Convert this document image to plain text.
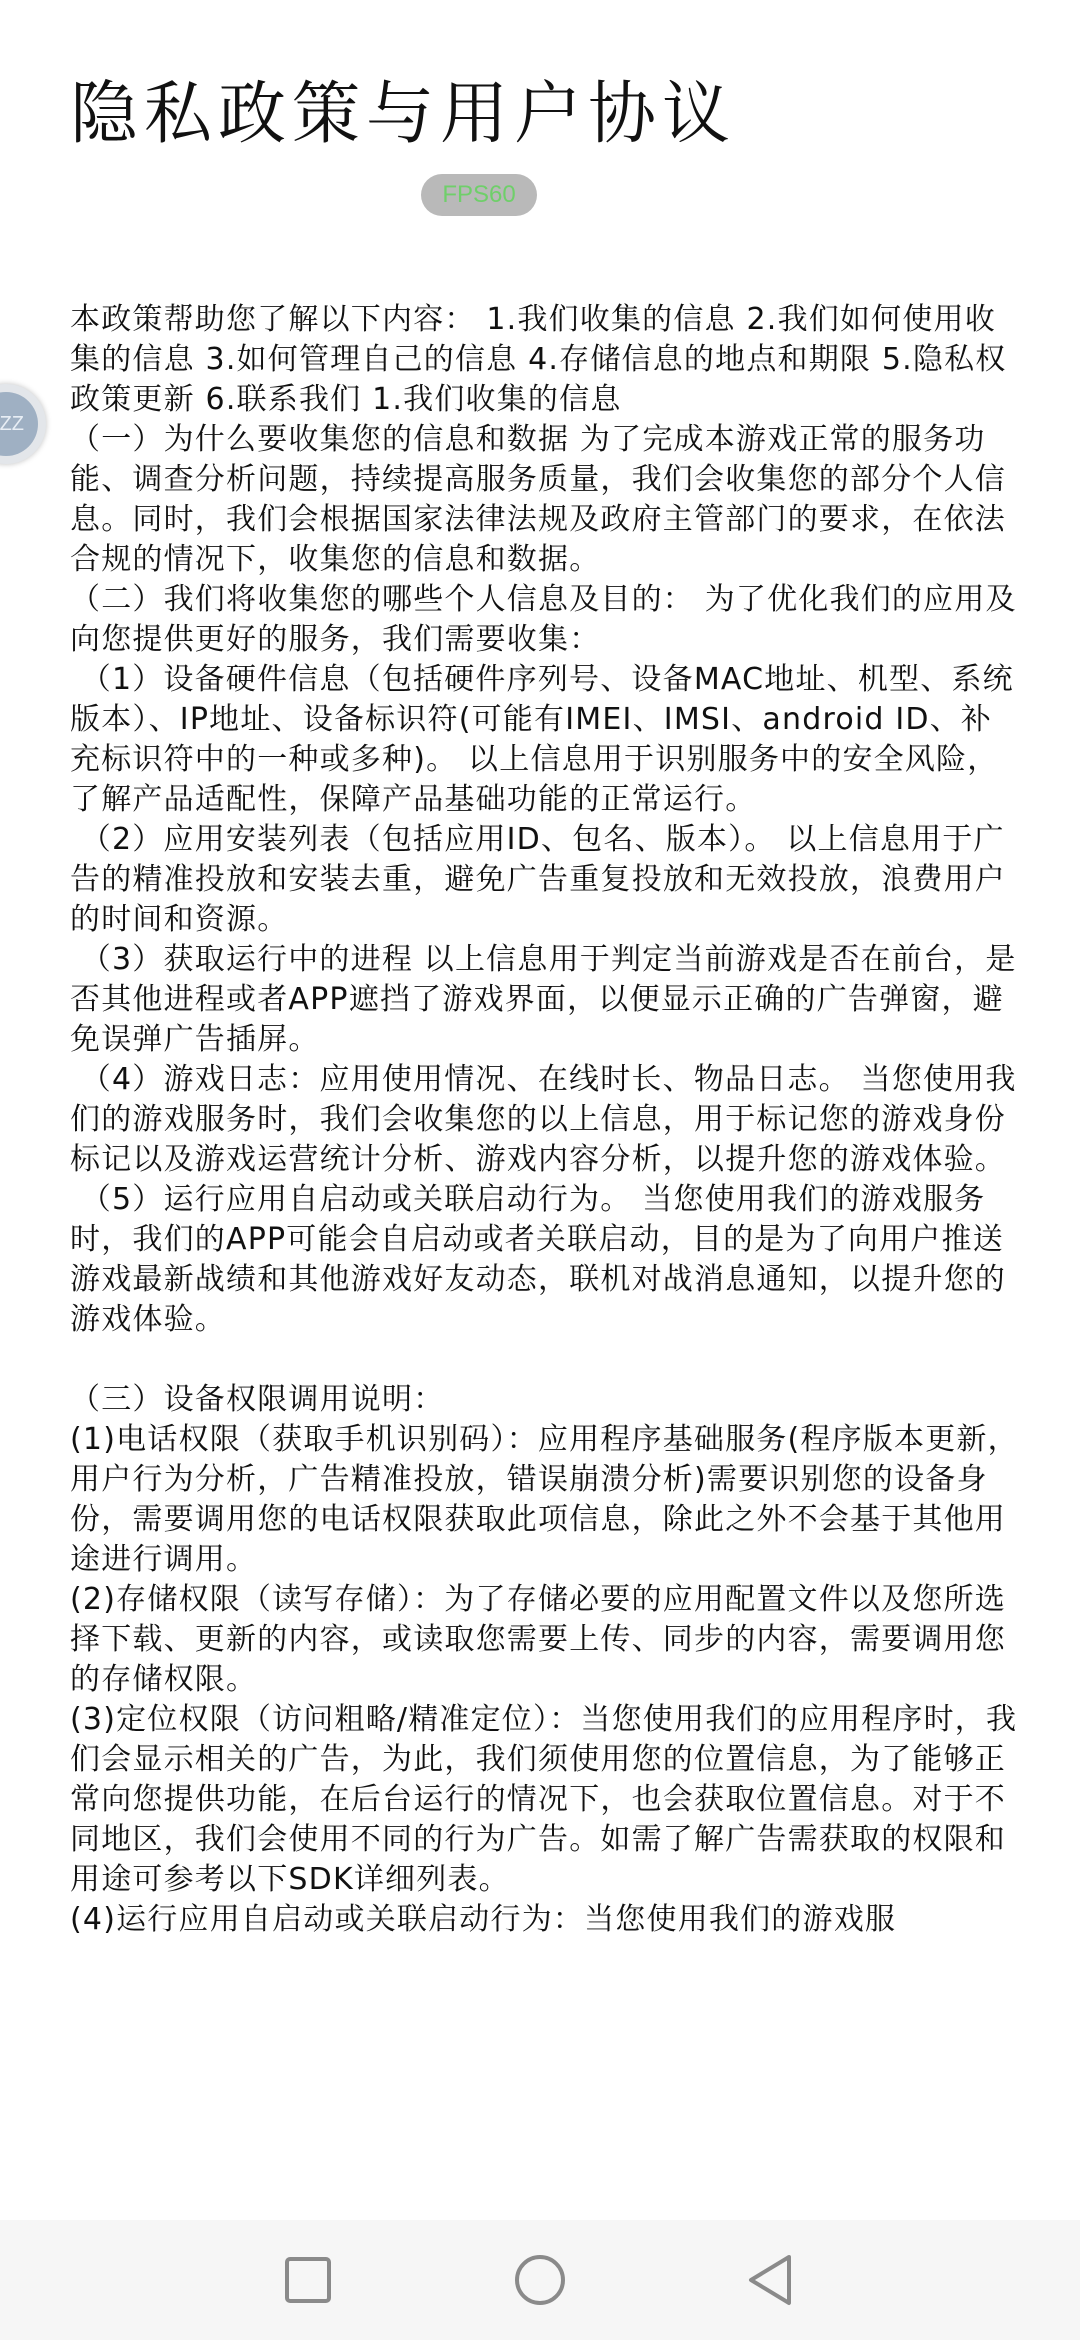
隐私政策与用户协议
FPS60
ZZ
本政策帮助您了解以下内容： 1.我们收集的信息 2.我们如何使用收集的信息 3.如何管理自己的信息 4.存储信息的地点和期限 5.隐私权政策更新 6.联系我们 1.我们收集的信息
（一）为什么要收集您的信息和数据 为了完成本游戏正常的服务功能、调查分析问题，持续提高服务质量，我们会收集您的部分个人信息。同时，我们会根据国家法律法规及政府主管部门的要求，在依法合规的情况下，收集您的信息和数据。
（二）我们将收集您的哪些个人信息及目的： 为了优化我们的应用及向您提供更好的服务，我们需要收集：
（1）设备硬件信息（包括硬件序列号、设备MAC地址、机型、系统版本）、IP地址、设备标识符(可能有IMEI、IMSI、android ID、补充标识符中的一种或多种)。 以上信息用于识别服务中的安全风险，了解产品适配性，保障产品基础功能的正常运行。
（2）应用安装列表（包括应用ID、包名、版本）。 以上信息用于广告的精准投放和安装去重，避免广告重复投放和无效投放，浪费用户的时间和资源。
（3）获取运行中的进程 以上信息用于判定当前游戏是否在前台，是否其他进程或者APP遮挡了游戏界面，以便显示正确的广告弹窗，避免误弹广告插屏。
（4）游戏日志：应用使用情况、在线时长、物品日志。 当您使用我们的游戏服务时，我们会收集您的以上信息，用于标记您的游戏身份标记以及游戏运营统计分析、游戏内容分析，以提升您的游戏体验。
（5）运行应用自启动或关联启动行为。 当您使用我们的游戏服务时，我们的APP可能会自启动或者关联启动，目的是为了向用户推送游戏最新战绩和其他游戏好友动态，联机对战消息通知，以提升您的游戏体验。

（三）设备权限调用说明：
(1)电话权限（获取手机识别码）：应用程序基础服务(程序版本更新，用户行为分析，广告精准投放，错误崩溃分析)需要识别您的设备身份，需要调用您的电话权限获取此项信息，除此之外不会基于其他用途进行调用。
(2)存储权限（读写存储）：为了存储必要的应用配置文件以及您所选择下载、更新的内容，或读取您需要上传、同步的内容，需要调用您的存储权限。
(3)定位权限（访问粗略/精准定位）：当您使用我们的应用程序时，我们会显示相关的广告，为此，我们须使用您的位置信息，为了能够正常向您提供功能，在后台运行的情况下，也会获取位置信息。对于不同地区，我们会使用不同的行为广告。如需了解广告需获取的权限和用途可参考以下SDK详细列表。
(4)运行应用自启动或关联启动行为：当您使用我们的游戏服
